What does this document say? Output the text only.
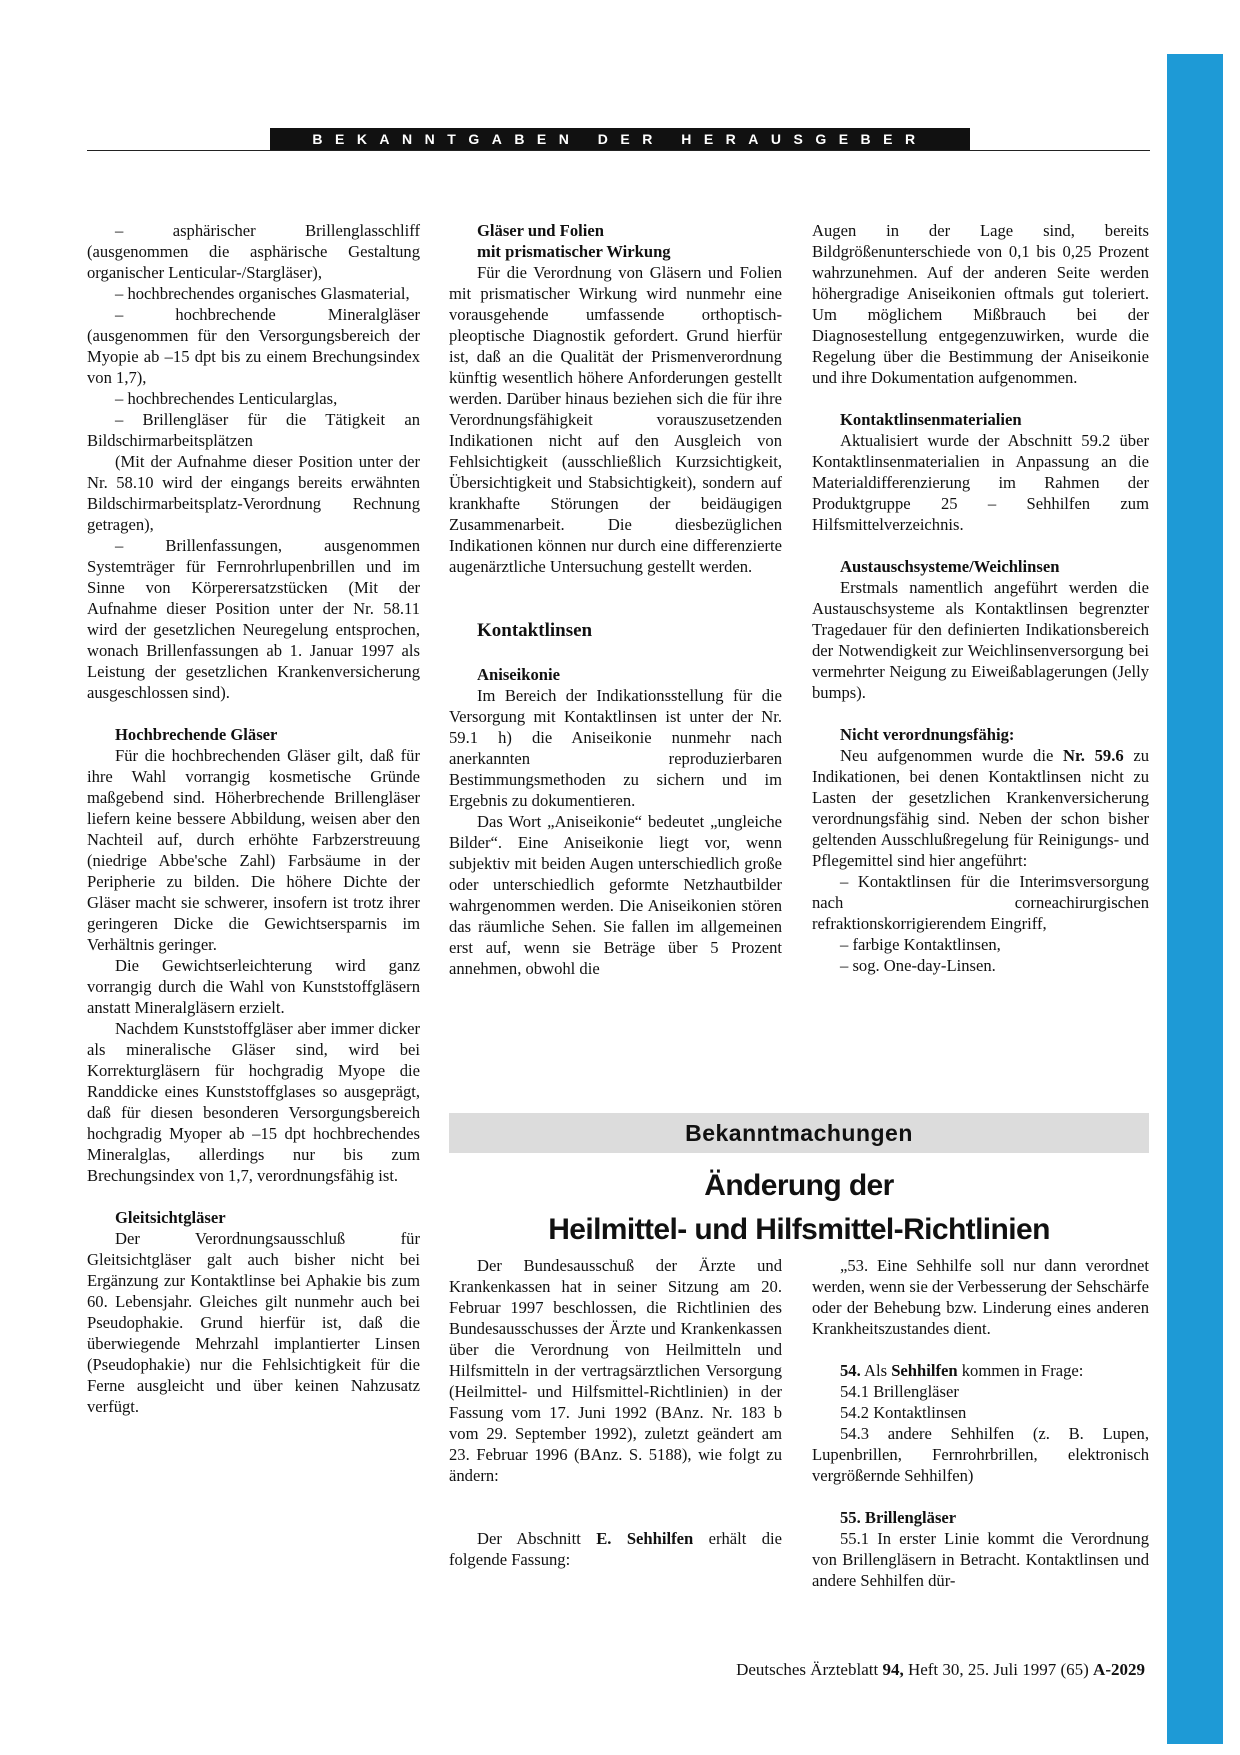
BEKANNTGABEN DER HERAUSGEBER

– asphärischer Brillenglasschliff (ausgenommen die asphärische Gestaltung organischer Lenticular-/Stargläser),

– hochbrechendes organisches Glasmaterial,

– hochbrechende Mineralgläser (ausgenommen für den Versorgungsbereich der Myopie ab –15 dpt bis zu einem Brechungsindex von 1,7),

– hochbrechendes Lenticularglas,

– Brillengläser für die Tätigkeit an Bildschirmarbeitsplätzen

(Mit der Aufnahme dieser Position unter der Nr. 58.10 wird der eingangs bereits erwähnten Bildschirmarbeitsplatz-Verordnung Rechnung getragen),

– Brillenfassungen, ausgenommen Systemträger für Fernrohrlupenbrillen und im Sinne von Körperersatzstücken (Mit der Aufnahme dieser Position unter der Nr. 58.11 wird der gesetzlichen Neuregelung entsprochen, wonach Brillenfassungen ab 1. Januar 1997 als Leistung der gesetzlichen Krankenversicherung ausgeschlossen sind).

Hochbrechende Gläser

Für die hochbrechenden Gläser gilt, daß für ihre Wahl vorrangig kosmetische Gründe maßgebend sind. Höherbrechende Brillengläser liefern keine bessere Abbildung, weisen aber den Nachteil auf, durch erhöhte Farbzerstreuung (niedrige Abbe'sche Zahl) Farbsäume in der Peripherie zu bilden. Die höhere Dichte der Gläser macht sie schwerer, insofern ist trotz ihrer geringeren Dicke die Gewichtsersparnis im Verhältnis geringer.

Die Gewichtserleichterung wird ganz vorrangig durch die Wahl von Kunststoffgläsern anstatt Mineralgläsern erzielt.

Nachdem Kunststoffgläser aber immer dicker als mineralische Gläser sind, wird bei Korrekturgläsern für hochgradig Myope die Randdicke eines Kunststoffglases so ausgeprägt, daß für diesen besonderen Versorgungsbereich hochgradig Myoper ab –15 dpt hochbrechendes Mineralglas, allerdings nur bis zum Brechungsindex von 1,7, verordnungsfähig ist.

Gleitsichtgläser

Der Verordnungsausschluß für Gleitsichtgläser galt auch bisher nicht bei Ergänzung zur Kontaktlinse bei Aphakie bis zum 60. Lebensjahr. Gleiches gilt nunmehr auch bei Pseudophakie. Grund hierfür ist, daß die überwiegende Mehrzahl implantierter Linsen (Pseudophakie) nur die Fehlsichtigkeit für die Ferne ausgleicht und über keinen Nahzusatz verfügt.

Gläser und Folien
mit prismatischer Wirkung

Für die Verordnung von Gläsern und Folien mit prismatischer Wirkung wird nunmehr eine vorausgehende umfassende orthoptisch-pleoptische Diagnostik gefordert. Grund hierfür ist, daß an die Qualität der Prismenverordnung künftig wesentlich höhere Anforderungen gestellt werden. Darüber hinaus beziehen sich die für ihre Verordnungsfähigkeit vorauszusetzenden Indikationen nicht auf den Ausgleich von Fehlsichtigkeit (ausschließlich Kurzsichtigkeit, Übersichtigkeit und Stabsichtigkeit), sondern auf krankhafte Störungen der beidäugigen Zusammenarbeit. Die diesbezüglichen Indikationen können nur durch eine differenzierte augenärztliche Untersuchung gestellt werden.

Kontaktlinsen
Aniseikonie

Im Bereich der Indikationsstellung für die Versorgung mit Kontaktlinsen ist unter der Nr. 59.1 h) die Aniseikonie nunmehr nach anerkannten reproduzierbaren Bestimmungsmethoden zu sichern und im Ergebnis zu dokumentieren.

Das Wort „Aniseikonie“ bedeutet „ungleiche Bilder“. Eine Aniseikonie liegt vor, wenn subjektiv mit beiden Augen unterschiedlich große oder unterschiedlich geformte Netzhautbilder wahrgenommen werden. Die Aniseikonien stören das räumliche Sehen. Sie fallen im allgemeinen erst auf, wenn sie Beträge über 5 Prozent annehmen, obwohl die

Augen in der Lage sind, bereits Bildgrößenunterschiede von 0,1 bis 0,25 Prozent wahrzunehmen. Auf der anderen Seite werden höhergradige Aniseikonien oftmals gut toleriert. Um möglichem Mißbrauch bei der Diagnosestellung entgegenzuwirken, wurde die Regelung über die Bestimmung der Aniseikonie und ihre Dokumentation aufgenommen.

Kontaktlinsenmaterialien

Aktualisiert wurde der Abschnitt 59.2 über Kontaktlinsenmaterialien in Anpassung an die Materialdifferenzierung im Rahmen der Produktgruppe 25 – Sehhilfen zum Hilfsmittelverzeichnis.

Austauschsysteme/Weichlinsen

Erstmals namentlich angeführt werden die Austauschsysteme als Kontaktlinsen begrenzter Tragedauer für den definierten Indikationsbereich der Notwendigkeit zur Weichlinsenversorgung bei vermehrter Neigung zu Eiweißablagerungen (Jelly bumps).

Nicht verordnungsfähig:

Neu aufgenommen wurde die Nr. 59.6 zu Indikationen, bei denen Kontaktlinsen nicht zu Lasten der gesetzlichen Krankenversicherung verordnungsfähig sind. Neben der schon bisher geltenden Ausschlußregelung für Reinigungs- und Pflegemittel sind hier angeführt:

– Kontaktlinsen für die Interimsversorgung nach corneachirurgischen refraktionskorrigierendem Eingriff,

– farbige Kontaktlinsen,

– sog. One-day-Linsen.

Bekanntmachungen
Änderung der
Heilmittel- und Hilfsmittel-Richtlinien

Der Bundesausschuß der Ärzte und Krankenkassen hat in seiner Sitzung am 20. Februar 1997 beschlossen, die Richtlinien des Bundesausschusses der Ärzte und Krankenkassen über die Verordnung von Heilmitteln und Hilfsmitteln in der vertragsärztlichen Versorgung (Heilmittel- und Hilfsmittel-Richtlinien) in der Fassung vom 17. Juni 1992 (BAnz. Nr. 183 b vom 29. September 1992), zuletzt geändert am 23. Februar 1996 (BAnz. S. 5188), wie folgt zu ändern:

Der Abschnitt E. Sehhilfen erhält die folgende Fassung:

„53. Eine Sehhilfe soll nur dann verordnet werden, wenn sie der Verbesserung der Sehschärfe oder der Behebung bzw. Linderung eines anderen Krankheitszustandes dient.

54. Als Sehhilfen kommen in Frage:

54.1 Brillengläser

54.2 Kontaktlinsen

54.3 andere Sehhilfen (z. B. Lupen, Lupenbrillen, Fernrohrbrillen, elektronisch vergrößernde Sehhilfen)

55. Brillengläser

55.1 In erster Linie kommt die Verordnung von Brillengläsern in Betracht. Kontaktlinsen und andere Sehhilfen dür-

Deutsches Ärzteblatt 94, Heft 30, 25. Juli 1997 (65) A-2029
